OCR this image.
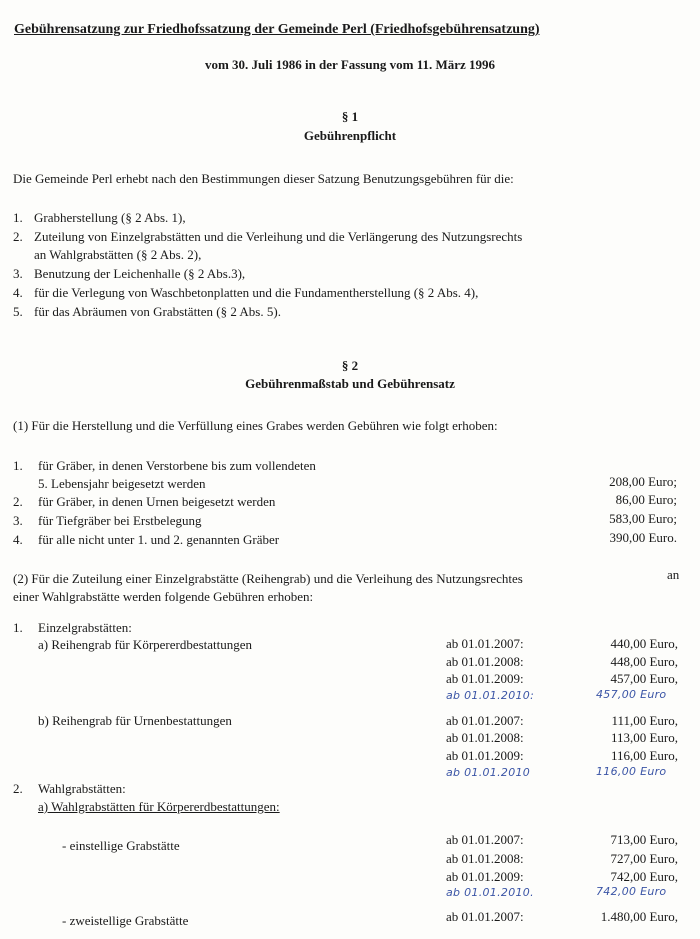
Gebührensatzung zur Friedhofssatzung der Gemeinde Perl (Friedhofsgebührensatzung)
vom 30. Juli 1986 in der Fassung vom 11. März 1996
§ 1
Gebührenpflicht
Die Gemeinde Perl erhebt nach den Bestimmungen dieser Satzung Benutzungsgebühren für die:
1. Grabherstellung (§ 2 Abs. 1),
2. Zuteilung von Einzelgrabstätten und die Verleihung und die Verlängerung des Nutzungsrechts
an Wahlgrabstätten (§ 2 Abs. 2),
3. Benutzung der Leichenhalle (§ 2 Abs.3),
4. für die Verlegung von Waschbetonplatten und die Fundamentherstellung (§ 2 Abs. 4),
5. für das Abräumen von Grabstätten (§ 2 Abs. 5).
§ 2
Gebührenmaßstab und Gebührensatz
(1) Für die Herstellung und die Verfüllung eines Grabes werden Gebühren wie folgt erhoben:
1.	für Gräber, in denen Verstorbene bis zum vollendeten
5. Lebensjahr beigesetzt werden	208,00 Euro;
2.	für Gräber, in denen Urnen beigesetzt werden	86,00 Euro;
3.	für Tiefgräber bei Erstbelegung	583,00 Euro;
4.	für alle nicht unter 1. und 2. genannten Gräber	390,00 Euro.
(2) Für die Zuteilung einer Einzelgrabstätte (Reihengrab) und die Verleihung des Nutzungsrechtes	an
einer Wahlgrabstätte werden folgende Gebühren erhoben:
1.	Einzelgrabstätten:
a) Reihengrab für Körpererdbestattungen	ab 01.01.2007:	440,00 Euro,
ab 01.01.2008:	448,00 Euro,
ab 01.01.2009:	457,00 Euro,
ab 01.01.2010:	457,00 Euro
b) Reihengrab für Urnenbestattungen	ab 01.01.2007:	111,00 Euro,
ab 01.01.2008:	113,00 Euro,
ab 01.01.2009:	116,00 Euro,
ab 01.01.2010	116,00 Euro
2.	Wahlgrabstätten:
a) Wahlgrabstätten für Körpererdbestattungen:
- einstellige Grabstätte	ab 01.01.2007:	713,00 Euro,
ab 01.01.2008:	727,00 Euro,
ab 01.01.2009:	742,00 Euro,
ab 01.01.2010.	742,00 Euro
- zweistellige Grabstätte	ab 01.01.2007:	1.480,00 Euro,
